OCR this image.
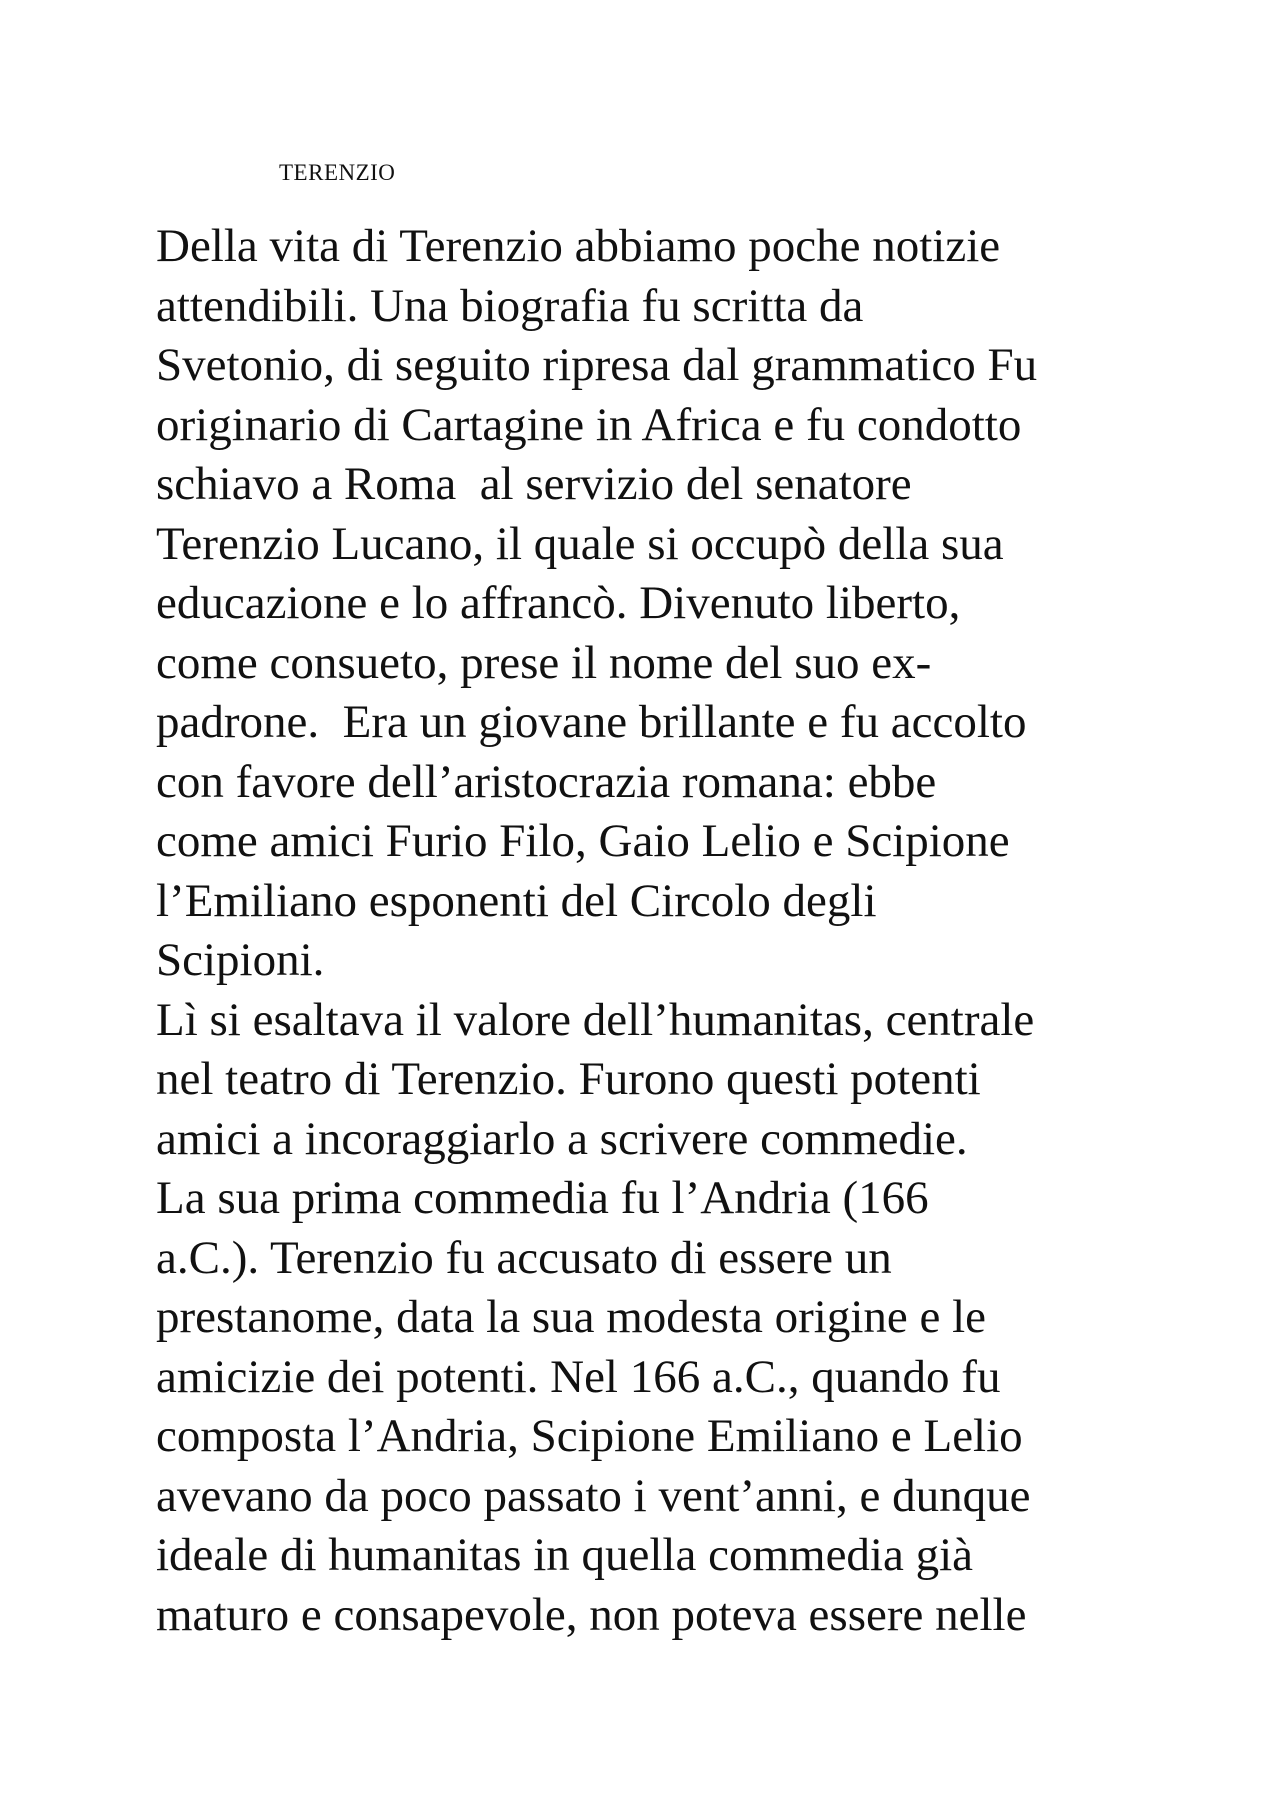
TERENZIO
Della vita di Terenzio abbiamo poche notizie
attendibili. Una biografia fu scritta da
Svetonio, di seguito ripresa dal grammatico Fu
originario di Cartagine in Africa e fu condotto
schiavo a Roma  al servizio del senatore
Terenzio Lucano, il quale si occupò della sua
educazione e lo affrancò. Divenuto liberto,
come consueto, prese il nome del suo ex-
padrone.  Era un giovane brillante e fu accolto
con favore dell’aristocrazia romana: ebbe
come amici Furio Filo, Gaio Lelio e Scipione
l’Emiliano esponenti del Circolo degli
Scipioni.
Lì si esaltava il valore dell’humanitas, centrale
nel teatro di Terenzio. Furono questi potenti
amici a incoraggiarlo a scrivere commedie.
La sua prima commedia fu l’Andria (166
a.C.). Terenzio fu accusato di essere un
prestanome, data la sua modesta origine e le
amicizie dei potenti. Nel 166 a.C., quando fu
composta l’Andria, Scipione Emiliano e Lelio
avevano da poco passato i vent’anni, e dunque
ideale di humanitas in quella commedia già
maturo e consapevole, non poteva essere nelle
